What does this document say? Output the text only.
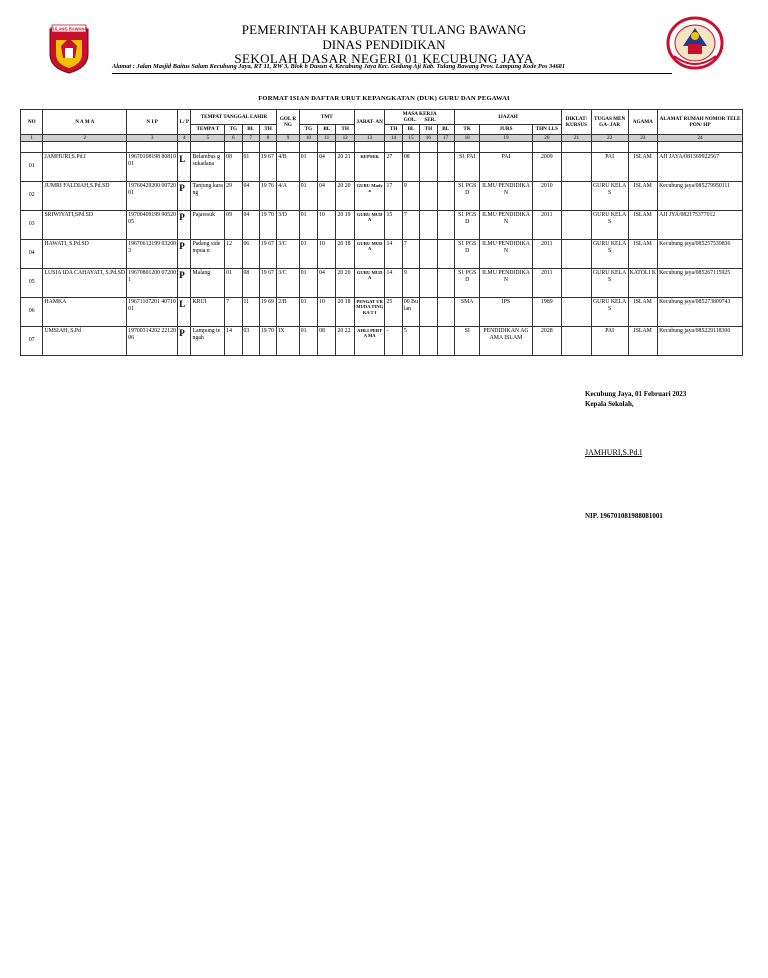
TULANG BAWANG	PEMERINTAH KABUPATEN TULANG BAWANG
DINAS PENDIDIKAN
SEKOLAH DASAR NEGERI 01 KECUBUNG JAYA
Alamat : Jalan Masjid Baitus Salam Kecubung Jaya, RT 11, RW 3, Blok b Dusun 4, Kecubung Jaya Kec. Gedung Aji Kab. Tulang Bawang Prov. Lampung Kode Pos 34681
FORMAT ISIAN DAFTAR URUT KEPANGKATAN (DUK) GURU DAN PEGAWAI
NO	N A M A	N I P	L/ P	TEMPAT TANGGAL LAHIR				GOL RNG	TMT			JABAT- AN	MASA KERJA
GOL. SER.				IJAZAH			DIKLAT/ KURSUS	TUGAS MENGA- JAR	AGAMA	ALAMAT RUMAH NOMOR TELEPON/ HP
				TEMPA T	TG	BL	TH		TG	BL	TH		TH	BL	TH	BL	TK	JURS	THN LLS				
1	2	3	4	5	6	7	8	9	10	11	12	13	14	15	16	17	18	19	20	21	22	23	24

01	JAMHURI,S.Pd.I	19670108198 8081001	L	Belambus g sukadana	08	01	19 67	4/B	01	04	20 21	KEPSEK	27	08			S1 PAI	PAI	2009		PAI	ISLAM	AJI JAYA/081369922567
02	JUMRI FALDIAH,S.Pd.SD	19760429200 0072001	P	Tanjung karang	29	04	19 76	4/A	01	04	20 20	GURU Madya	17	9			S1 PGS D	ILMU PENDIDIKA N	2010		GURU KELAS	ISLAM	Kecubung jaya/085279950111
03	SRIWIYATI,SPd.SD	19700409199 9052005	P	Pajaresuk	09	04	19 70	3/D	01	10	20 19	GURU MUDA	15	7			S1 PGS D	ILMU PENDIDIKA N	2011		GURU KELAS	ISLAM	AJI JYA/082175377012
04	HAWATI, S.Pd.SD	19670612199 032003	P	Padang sidempua n	12	06	19 67	3/C	01	10	20 18	GURU MUDA	14	7			S1 PGS D	ILMU PENDIDIKA N	2011		GURU KELAS	ISLAM	Kecubung jaya/085257539836
05	LUSIA IDA CAHAYATI, S.Pd.SD	19670801200 072001	P	Malang	01	08	19 67	3/C	01	04	20 20	GURU MUDA	14	9			S1 PGS D	ILMU PENDIDIKA N	2011		GURU KELAS	KATOLI K	Kecubung jaya/085267115925
06	HAMKA	19671107201 4071001	L	KRUI	7	11	19 69	2/B	01	10	20 18	PENGAT UR MUDA TINGKA T I	25	00 Bu lan			SMA	IPS	1989		GURU KELAS	ISLAM	Kecubung jaya/085273809743
07	UMSIAH, S.Pd	19700314202 2212006	P	Lampung tengah	14	03	19 70	IX	01	08	20 22	AHLI PERTA MA	-	5			SI	PENDIDIKAN AGAMA ISLAM	2028		PAI	ISLAM	Kecubung jaya/085229118300
Kecubung Jaya, 01 Februari 2023
Kepala Sekolah,
JAMHURI,S.Pd.I
NIP. 196701081988081001
